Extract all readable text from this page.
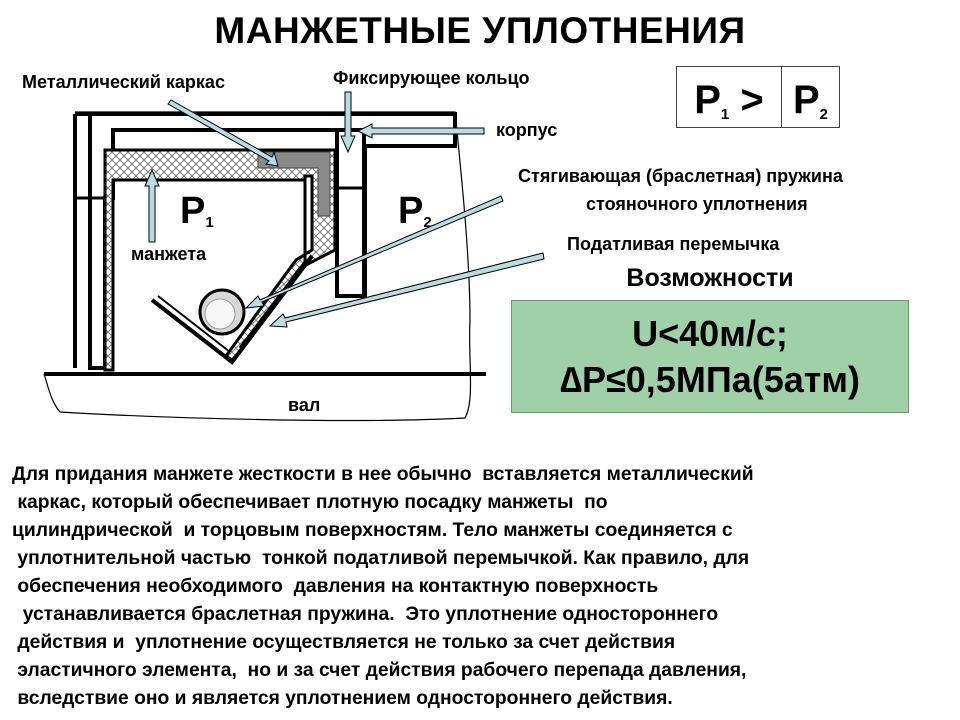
МАНЖЕТНЫЕ УПЛОТНЕНИЯ
Металлический каркас	Фиксирующее кольцо
корпус
Стягивающая (браслетная) пружина
стояночного уплотнения
Податливая перемычка
манжета
вал
$P_1$	$P_2$
$P_1$
> $P_2$
Возможности
U<40м/с;
∆P≤0,5МПа(5атм)
Для придания манжете жесткости в нее обычно  вставляется металлический
каркас, который обеспечивает плотную посадку манжеты  по
цилиндрической  и торцовым поверхностям. Тело манжеты соединяется с
уплотнительной частью  тонкой податливой перемычкой. Как правило, для
обеспечения необходимого  давления на контактную поверхность
устанавливается браслетная пружина.  Это уплотнение одностороннего
действия и  уплотнение осуществляется не только за счет действия
эластичного элемента,  но и за счет действия рабочего перепада давления,
вследствие оно и является уплотнением одностороннего действия.
